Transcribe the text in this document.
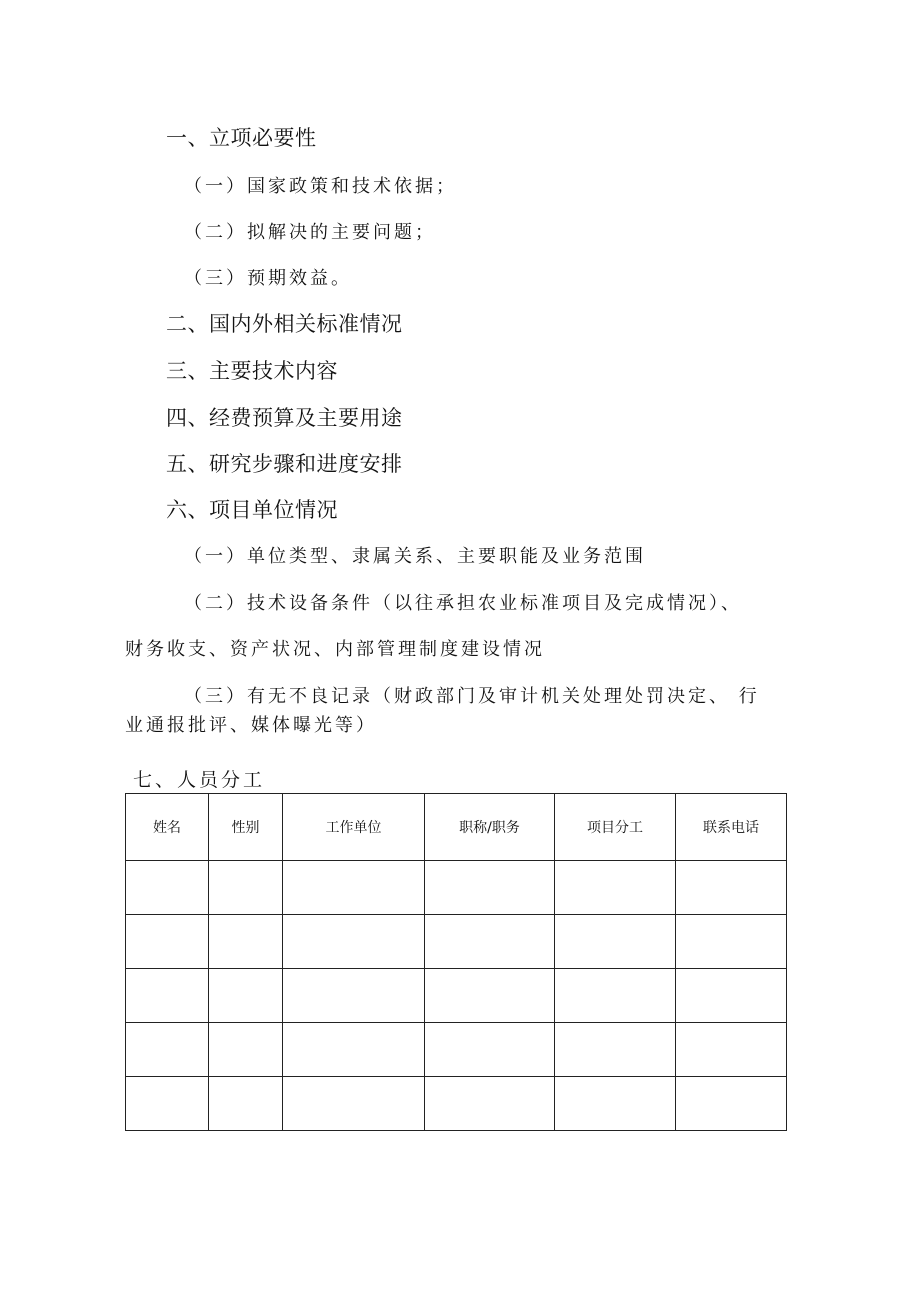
一、立项必要性
（一）国家政策和技术依据；
（二）拟解决的主要问题；
（三）预期效益。
二、国内外相关标准情况
三、主要技术内容
四、经费预算及主要用途
五、研究步骤和进度安排
六、项目单位情况
（一）单位类型、隶属关系、主要职能及业务范围
（二）技术设备条件（以往承担农业标准项目及完成情况）、
财务收支、资产状况、内部管理制度建设情况
（三）有无不良记录（财政部门及审计机关处理处罚决定、 行
业通报批评、媒体曝光等）
七、人员分工
姓名	性别	工作单位	职称/职务	项目分工	联系电话
